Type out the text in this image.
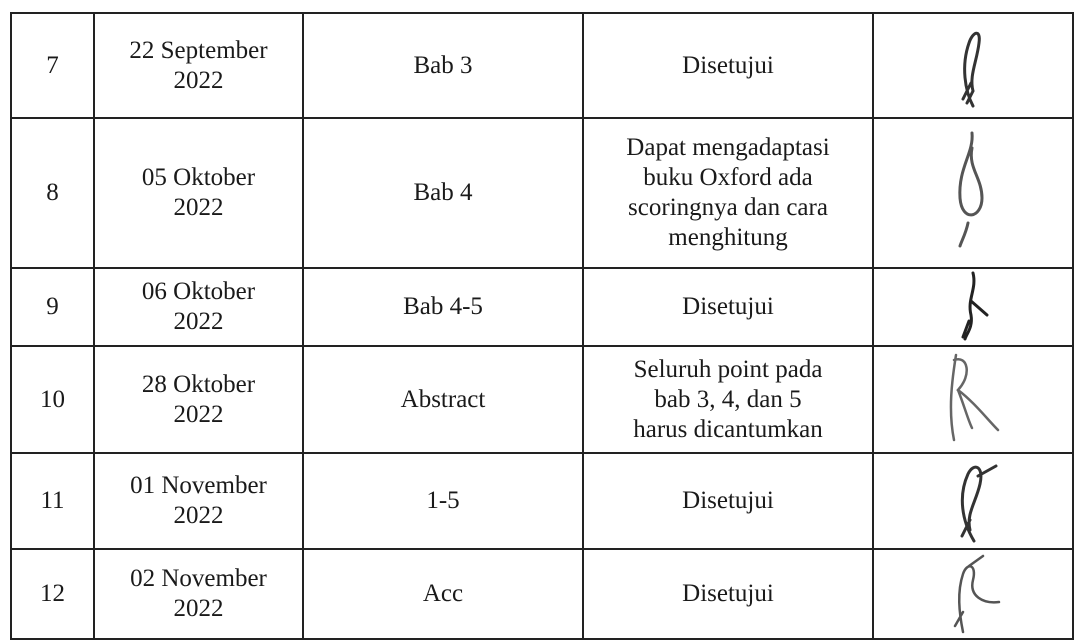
7	22 September
2022	Bab 3	Disetujui	

8	05 Oktober
2022	Bab 4	Dapat mengadaptasi
buku Oxford ada
scoringnya dan cara
menghitung	

9	06 Oktober
2022	Bab 4-5	Disetujui	

10	28 Oktober
2022	Abstract	Seluruh point pada
bab 3, 4, dan 5
harus dicantumkan	

11	01 November
2022	1-5	Disetujui	

12	02 November
2022	Acc	Disetujui	
